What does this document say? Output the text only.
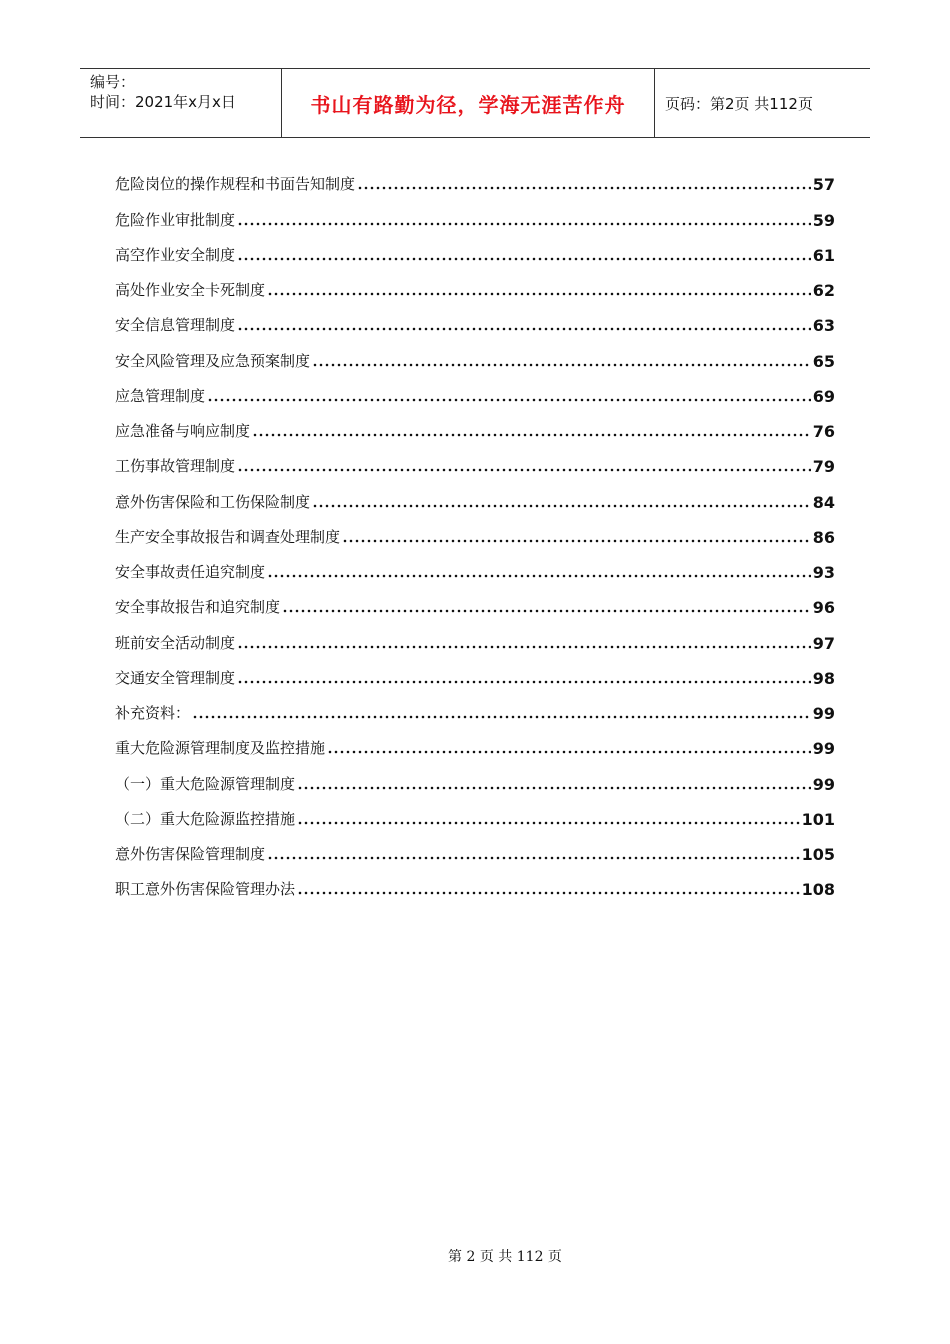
编号：
时间：2021年x月x日	书山有路勤为径，学海无涯苦作舟	页码：第2页 共112页
危险岗位的操作规程和书面告知制度	57
危险作业审批制度	59
高空作业安全制度	61
高处作业安全卡死制度	62
安全信息管理制度	63
安全风险管理及应急预案制度	65
应急管理制度	69
应急准备与响应制度	76
工伤事故管理制度	79
意外伤害保险和工伤保险制度	84
生产安全事故报告和调查处理制度	86
安全事故责任追究制度	93
安全事故报告和追究制度	96
班前安全活动制度	97
交通安全管理制度	98
补充资料：	99
重大危险源管理制度及监控措施	99
（一）重大危险源管理制度	99
（二）重大危险源监控措施	101
意外伤害保险管理制度	105
职工意外伤害保险管理办法	108
第 2 页 共 112 页
